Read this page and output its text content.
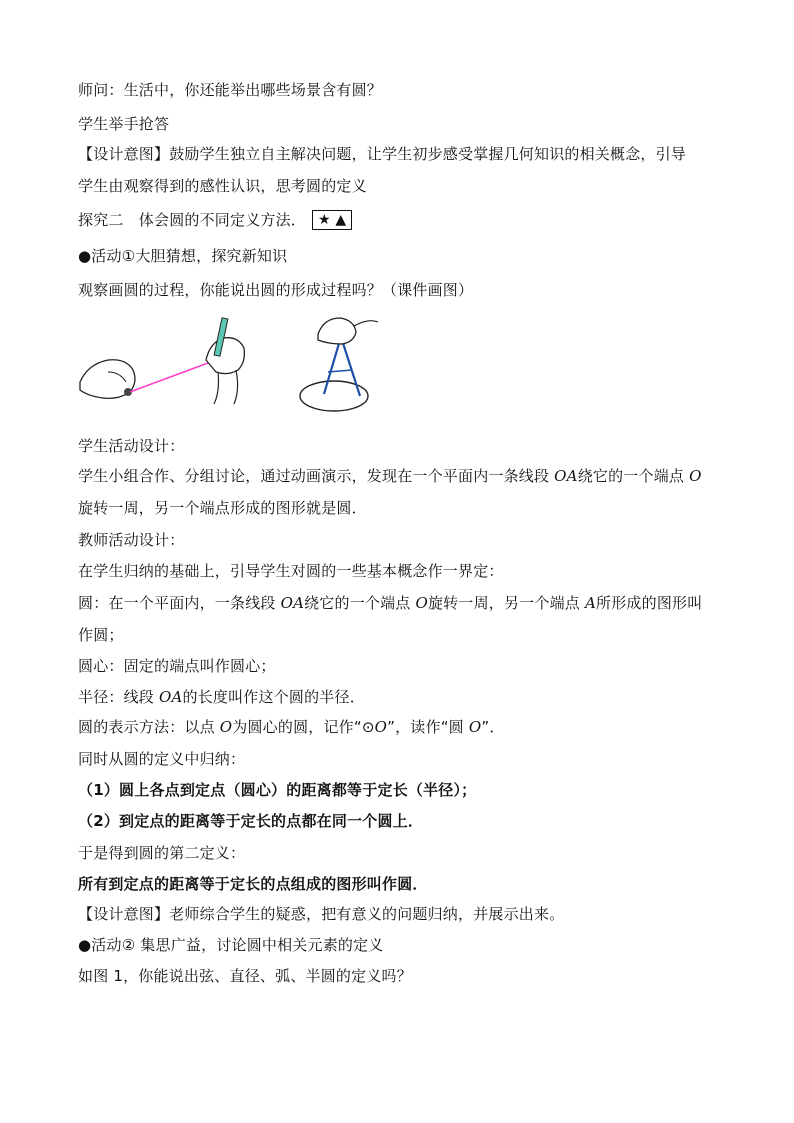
师问：生活中，你还能举出哪些场景含有圆？
学生举手抢答
【设计意图】鼓励学生独立自主解决问题，让学生初步感受掌握几何知识的相关概念，引导
学生由观察得到的感性认识，思考圆的定义
探究二　体会圆的不同定义方法． ★ ▲
●活动①大胆猜想，探究新知识
观察画圆的过程，你能说出圆的形成过程吗？（课件画图）
学生活动设计：
学生小组合作、分组讨论，通过动画演示，发现在一个平面内一条线段 OA绕它的一个端点 O
旋转一周，另一个端点形成的图形就是圆．
教师活动设计：
在学生归纳的基础上，引导学生对圆的一些基本概念作一界定：
圆：在一个平面内，一条线段 OA绕它的一个端点 O旋转一周，另一个端点 A所形成的图形叫
作圆；
圆心：固定的端点叫作圆心；
半径：线段 OA的长度叫作这个圆的半径．
圆的表示方法：以点 O为圆心的圆，记作“⊙O”，读作“圆 O”．
同时从圆的定义中归纳：
（1）圆上各点到定点（圆心）的距离都等于定长（半径）；
（2）到定点的距离等于定长的点都在同一个圆上．
于是得到圆的第二定义：
所有到定点的距离等于定长的点组成的图形叫作圆．
【设计意图】老师综合学生的疑惑，把有意义的问题归纳，并展示出来。
●活动② 集思广益，讨论圆中相关元素的定义
如图 1，你能说出弦、直径、弧、半圆的定义吗？
